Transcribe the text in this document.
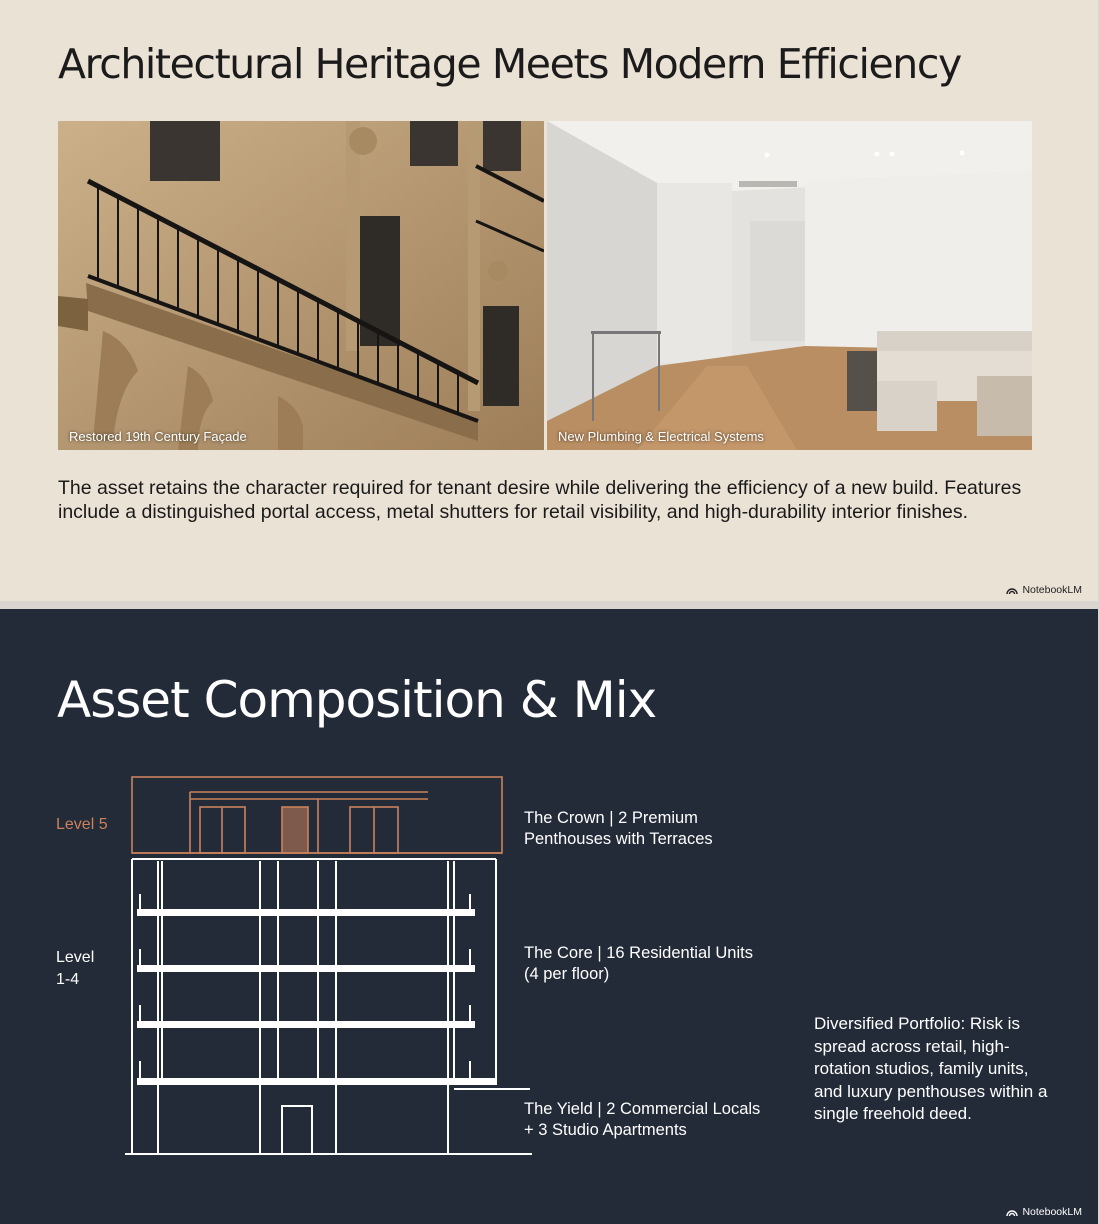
Architectural Heritage Meets Modern Efficiency
Restored 19th Century Façade	New Plumbing & Electrical Systems

The asset retains the character required for tenant desire while delivering the efficiency of a new build. Features include a distinguished portal access, metal shutters for retail visibility, and high-durability interior finishes.

NotebookLM
Asset Composition & Mix

Level 5

Level
1-4

The Crown | 2 Premium
Penthouses with Terraces

The Core | 16 Residential Units
(4 per floor)

The Yield | 2 Commercial Locals
+ 3 Studio Apartments

Diversified Portfolio: Risk is spread across retail, high-rotation studios, family units, and luxury penthouses within a single freehold deed.

NotebookLM
